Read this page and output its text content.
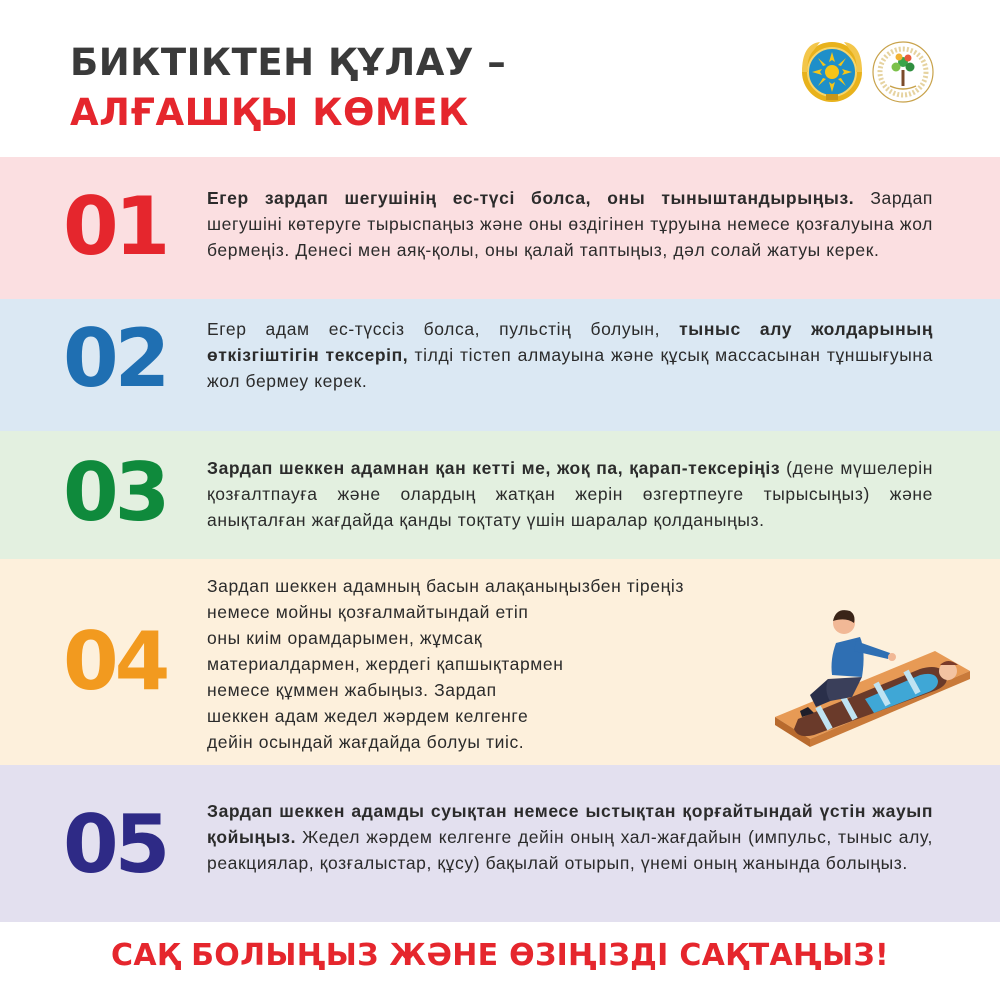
БИКТІКТЕН ҚҰЛАУ –
АЛҒАШҚЫ КӨМЕК
01 Егер зардап шегушінің ес-түсі болса, оны тыныштандырыңыз. Зардап шегушіні көтеруге тырыспаңыз және оны өздігінен тұруына немесе қозғалуына жол бермеңіз. Денесі мен аяқ-қолы, оны қалай таптыңыз, дәл солай жатуы керек.
02 Егер адам ес-түссіз болса, пульстің болуын, тыныс алу жолдарының өткізгіштігін тексеріп, тілді тістеп алмауына және құсық массасынан тұншығуына жол бермеу керек.
03 Зардап шеккен адамнан қан кетті ме, жоқ па, қарап-тексеріңіз (дене мүшелерін қозғалтпауға және олардың жатқан жерін өзгертпеуге тырысыңыз) және анықталған жағдайда қанды тоқтату үшін шаралар қолданыңыз.
04
Зардап шеккен адамның басын алақаныңызбен тіреңіз
немесе мойны қозғалмайтындай етіп
оны киім орамдарымен, жұмсақ
материалдармен, жердегі қапшықтармен
немесе құммен жабыңыз. Зардап
шеккен адам жедел жәрдем келгенге
дейін осындай жағдайда болуы тиіс.
05 Зардап шеккен адамды суықтан немесе ыстықтан қорғайтындай үстін жауып қойыңыз. Жедел жәрдем келгенге дейін оның хал-жағдайын (импульс, тыныс алу, реакциялар, қозғалыстар, құсу) бақылай отырып, үнемі оның жанында болыңыз.
САҚ БОЛЫҢЫЗ ЖӘНЕ ӨЗІҢІЗДІ САҚТАҢЫЗ!
